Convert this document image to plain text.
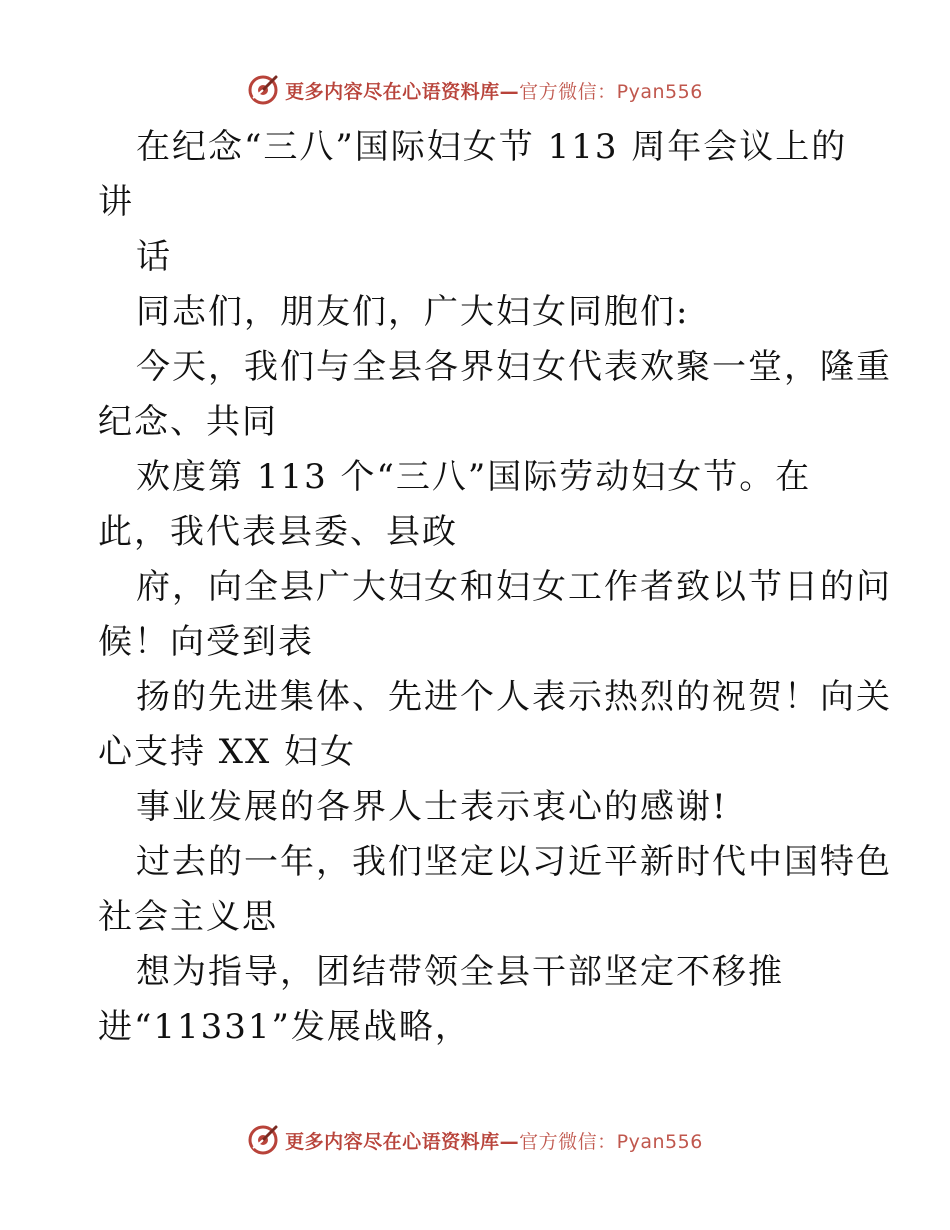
更多内容尽在心语资料库—官方微信：Pyan556
在纪念“三八”国际妇女节 113 周年会议上的
讲
话
同志们，朋友们，广大妇女同胞们:
今天，我们与全县各界妇女代表欢聚一堂，隆重
纪念、共同
欢度第 113 个“三八”国际劳动妇女节。在
此，我代表县委、县政
府，向全县广大妇女和妇女工作者致以节日的问
候！向受到表
扬的先进集体、先进个人表示热烈的祝贺！向关
心支持 XX 妇女
事业发展的各界人士表示衷心的感谢!
过去的一年，我们坚定以习近平新时代中国特色
社会主义思
想为指导，团结带领全县干部坚定不移推
进“11331”发展战略，
更多内容尽在心语资料库—官方微信：Pyan556
